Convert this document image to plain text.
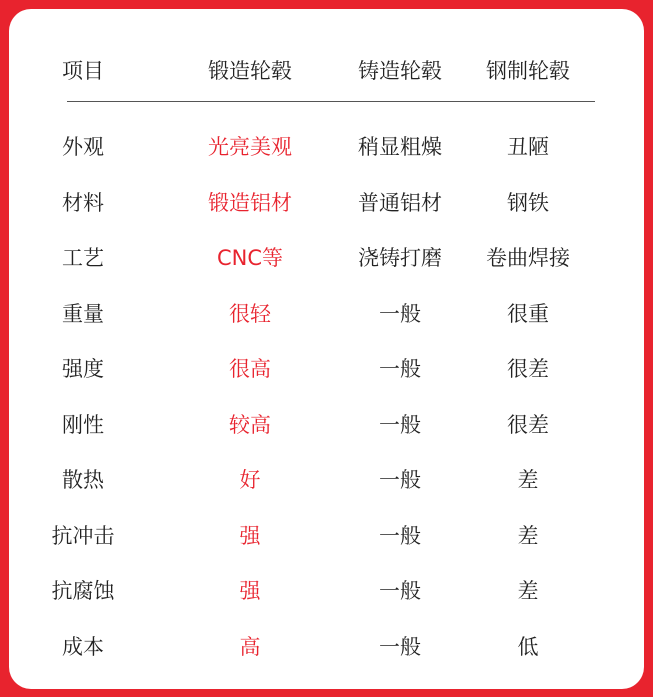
项目	锻造轮毂	铸造轮毂	钢制轮毂
外观	光亮美观	稍显粗燥	丑陋
材料	锻造铝材	普通铝材	钢铁
工艺	CNC等	浇铸打磨	卷曲焊接
重量	很轻	一般	很重
强度	很高	一般	很差
刚性	较高	一般	很差
散热	好	一般	差
抗冲击	强	一般	差
抗腐蚀	强	一般	差
成本	高	一般	低
